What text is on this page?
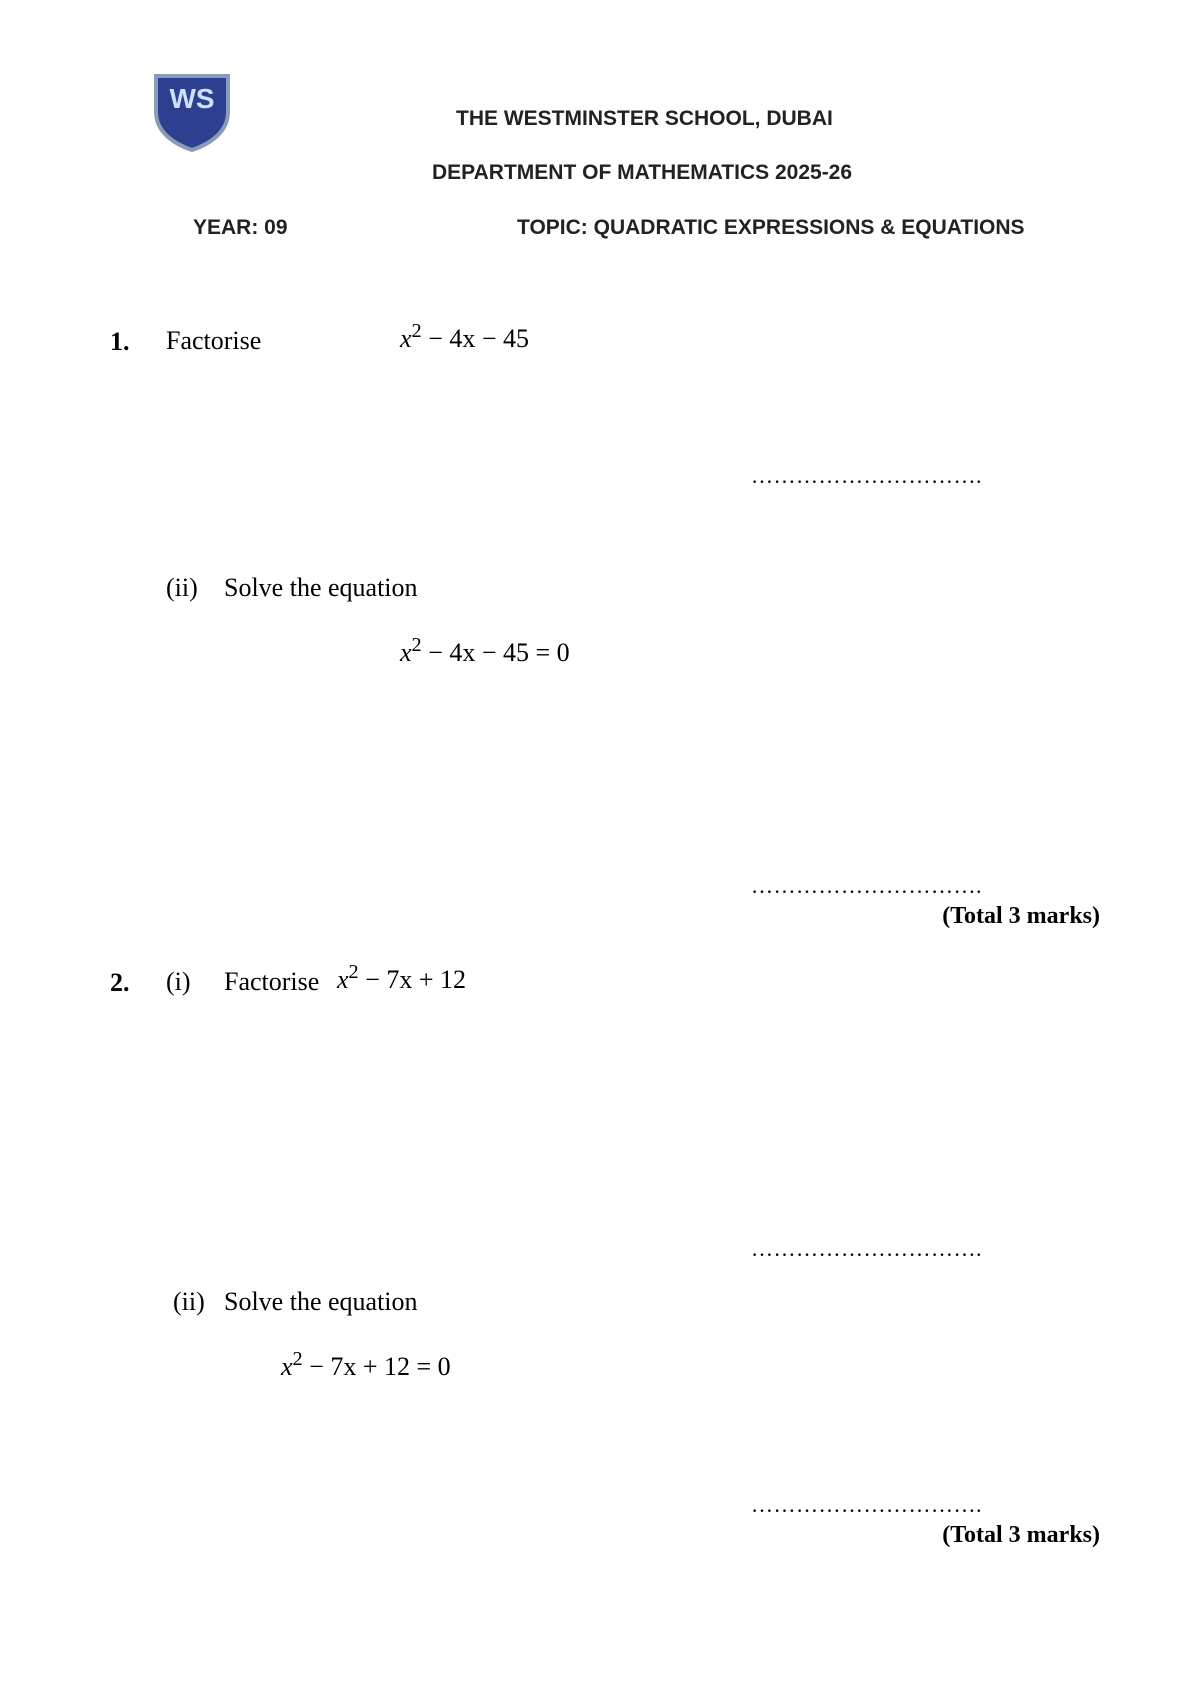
WS
THE WESTMINSTER SCHOOL, DUBAI
DEPARTMENT OF MATHEMATICS 2025-26
YEAR: 09	TOPIC: QUADRATIC EXPRESSIONS & EQUATIONS
1. Factorise	$x^2 - 4x - 45$
………………………….
(ii) Solve the equation
$x^2 - 4x - 45 = 0$
………………………….
(Total 3 marks)
2. (i) Factorise $x^2 - 7x + 12$
………………………….
(ii) Solve the equation
$x^2 - 7x + 12 = 0$
………………………….
(Total 3 marks)
